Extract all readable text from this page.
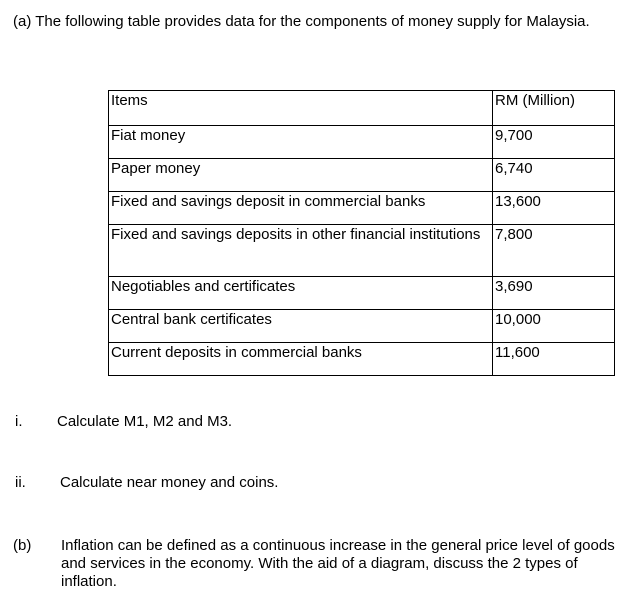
(a) The following table provides data for the components of money supply for Malaysia.
Items	RM (Million)
Fiat money	9,700
Paper money	6,740
Fixed and savings deposit in commercial banks	13,600
Fixed and savings deposits in other financial institutions	7,800
Negotiables and certificates	3,690
Central bank certificates	10,000
Current deposits in commercial banks	11,600
i. Calculate M1, M2 and M3.
ii. Calculate near money and coins.
(b) Inflation can be defined as a continuous increase in the general price level of goods and services in the economy. With the aid of a diagram, discuss the 2 types of inflation.
